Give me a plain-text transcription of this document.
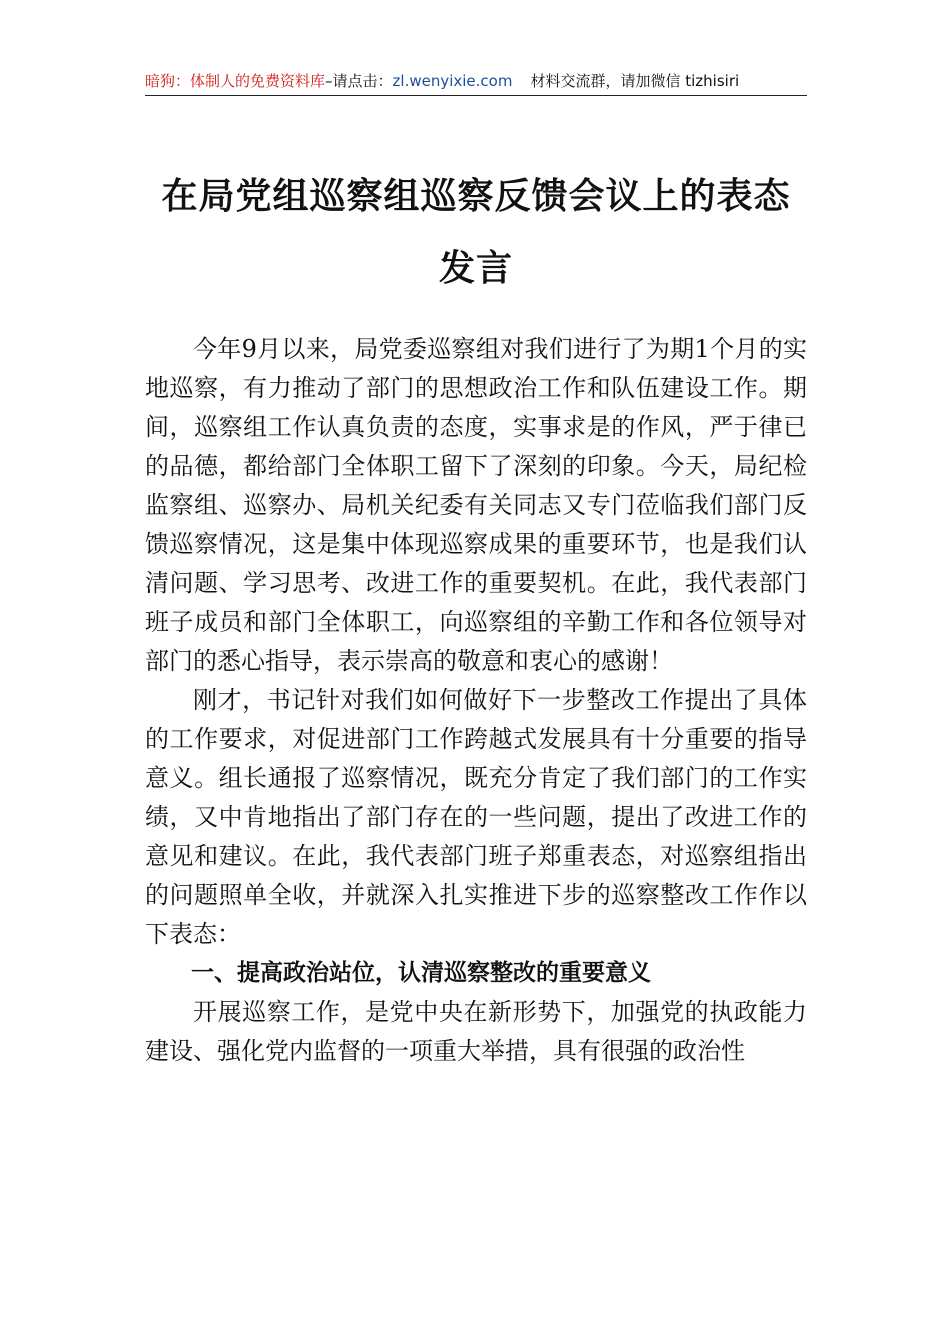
暗狗：体制人的免费资料库–请点击：zl.wenyixie.com 材料交流群，请加微信 tizhisiri
在局党组巡察组巡察反馈会议上的表态发言

今年9月以来，局党委巡察组对我们进行了为期1个月的实地巡察，有力推动了部门的思想政治工作和队伍建设工作。期间，巡察组工作认真负责的态度，实事求是的作风，严于律已的品德，都给部门全体职工留下了深刻的印象。今天，局纪检监察组、巡察办、局机关纪委有关同志又专门莅临我们部门反馈巡察情况，这是集中体现巡察成果的重要环节，也是我们认清问题、学习思考、改进工作的重要契机。在此，我代表部门班子成员和部门全体职工，向巡察组的辛勤工作和各位领导对部门的悉心指导，表示崇高的敬意和衷心的感谢！

刚才，书记针对我们如何做好下一步整改工作提出了具体的工作要求，对促进部门工作跨越式发展具有十分重要的指导意义。组长通报了巡察情况，既充分肯定了我们部门的工作实绩，又中肯地指出了部门存在的一些问题，提出了改进工作的意见和建议。在此，我代表部门班子郑重表态，对巡察组指出的问题照单全收，并就深入扎实推进下步的巡察整改工作作以下表态：

一、提高政治站位，认清巡察整改的重要意义

开展巡察工作，是党中央在新形势下，加强党的执政能力建设、强化党内监督的一项重大举措，具有很强的政治性
